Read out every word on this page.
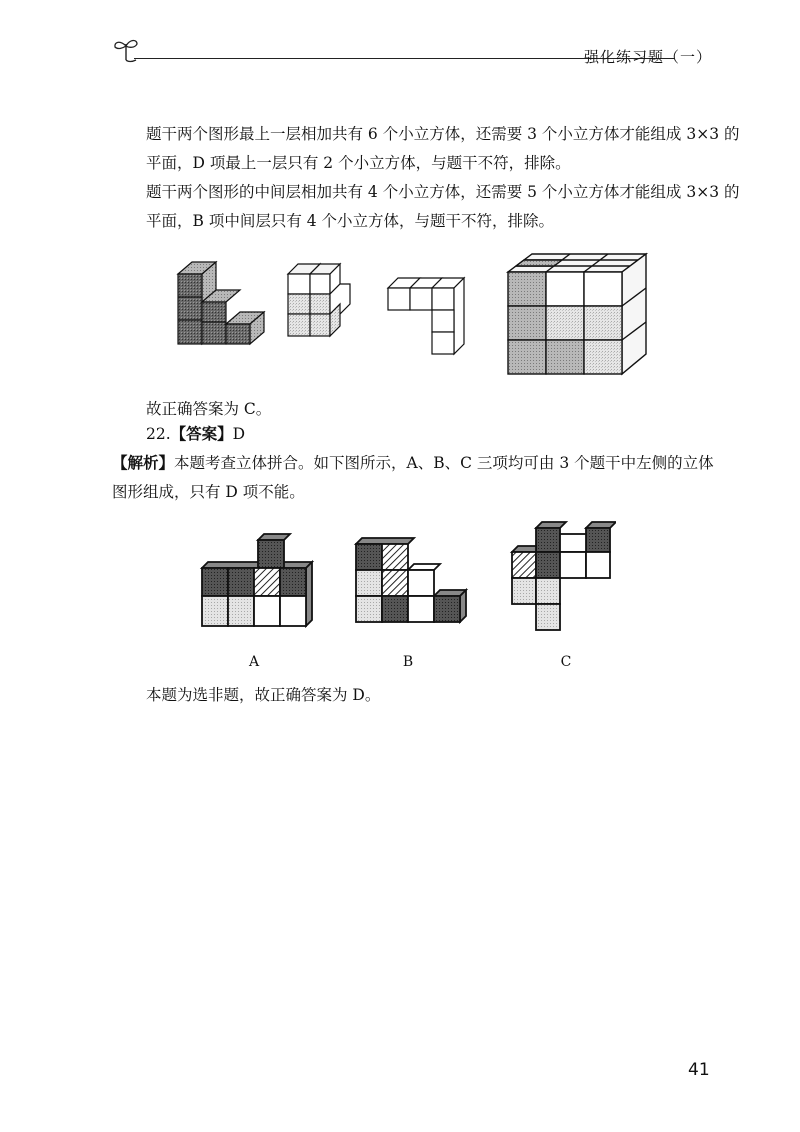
强化练习题（一）
题干两个图形最上一层相加共有 6 个小立方体，还需要 3 个小立方体才能组成 3×3 的平面，D 项最上一层只有 2 个小立方体，与题干不符，排除。
题干两个图形的中间层相加共有 4 个小立方体，还需要 5 个小立方体才能组成 3×3 的平面，B 项中间层只有 4 个小立方体，与题干不符，排除。
故正确答案为 C。
22.【答案】D
【解析】本题考查立体拼合。如下图所示，A、B、C 三项均可由 3 个题干中左侧的立体图形组成，只有 D 项不能。
A	B	C
本题为选非题，故正确答案为 D。
41
